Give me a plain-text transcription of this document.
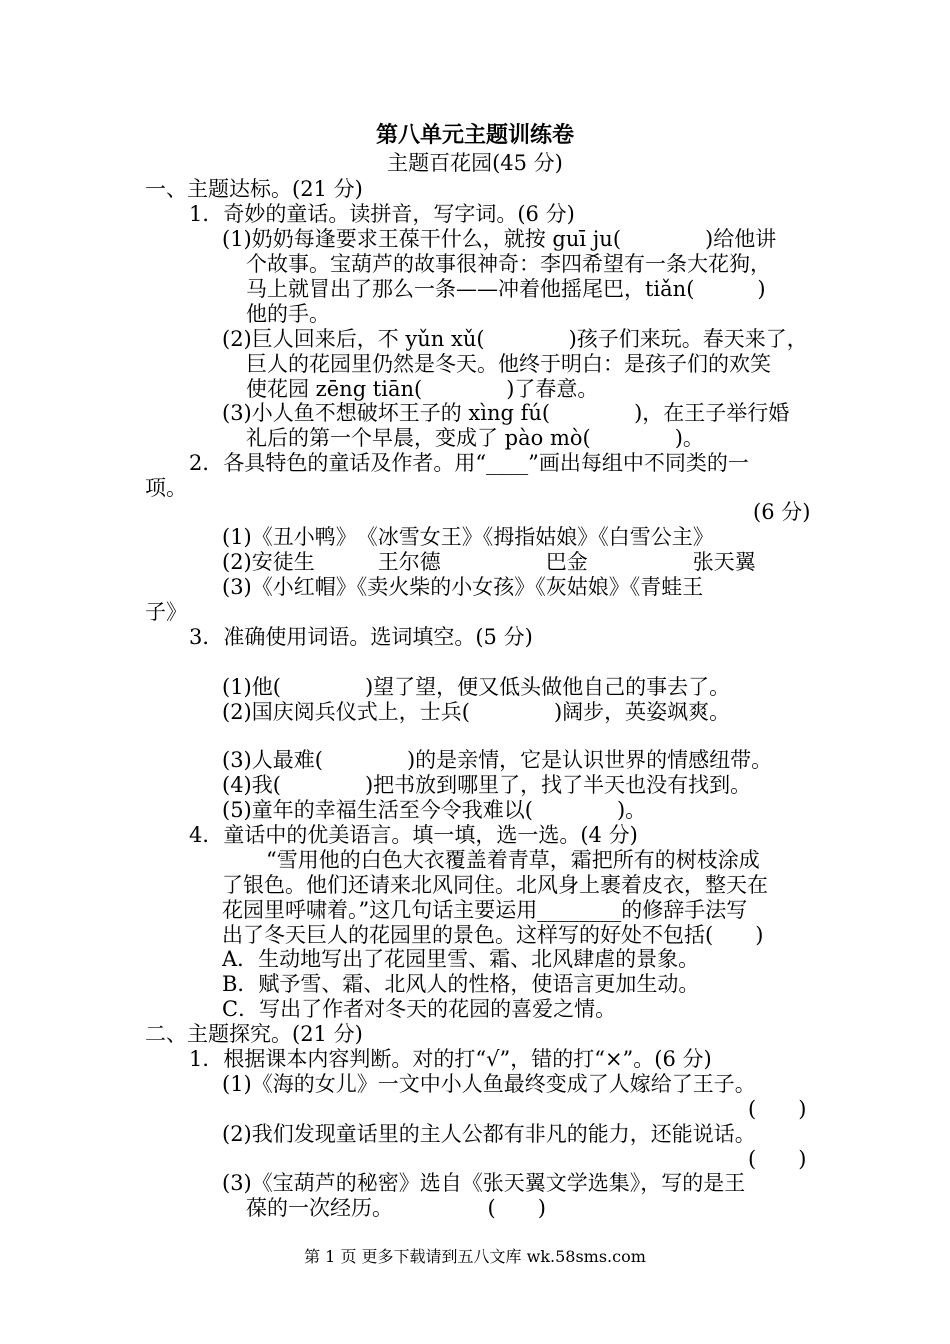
第八单元主题训练卷
主题百花园(45 分)
一、主题达标。(21 分)
1．奇妙的童话。读拼音，写字词。(6 分)
(1)奶奶每逢要求王葆干什么，就按 guī ju(　　　　)给他讲
个故事。宝葫芦的故事很神奇：李四希望有一条大花狗，
马上就冒出了那么一条——冲着他摇尾巴，tiǎn(　　　)
他的手。
(2)巨人回来后，不 yǔn xǔ(　　　　)孩子们来玩。春天来了，
巨人的花园里仍然是冬天。他终于明白：是孩子们的欢笑
使花园 zēng tiān(　　　　)了春意。
(3)小人鱼不想破坏王子的 xìng fú(　　　　)，在王子举行婚
礼后的第一个早晨，变成了 pào mò(　　　　)。
2．各具特色的童话及作者。用“____”画出每组中不同类的一
项。
(6 分)
(1)《丑小鸭》　《冰雪女王》《拇指姑娘》《白雪公主》
(2)安徒生　　　王尔德　　　　　巴金　　　　　张天翼
(3)《小红帽》《卖火柴的小女孩》《灰姑娘》《青蛙王
子》
3．准确使用词语。选词填空。(5 分)
(1)他(　　　　)望了望，便又低头做他自己的事去了。
(2)国庆阅兵仪式上，士兵(　　　　)阔步，英姿飒爽。
(3)人最难(　　　　)的是亲情，它是认识世界的情感纽带。
(4)我(　　　　)把书放到哪里了，找了半天也没有找到。
(5)童年的幸福生活至今令我难以(　　　　)。
4．童话中的优美语言。填一填，选一选。(4 分)
“雪用他的白色大衣覆盖着青草，霜把所有的树枝涂成
了银色。他们还请来北风同住。北风身上裹着皮衣，整天在
花园里呼啸着。”这几句话主要运用________的修辞手法写
出了冬天巨人的花园里的景色。这样写的好处不包括(　　)
A．生动地写出了花园里雪、霜、北风肆虐的景象。
B．赋予雪、霜、北风人的性格，使语言更加生动。
C．写出了作者对冬天的花园的喜爱之情。
二、主题探究。(21 分)
1．根据课本内容判断。对的打“√”，错的打“×”。(6 分)
(1)《海的女儿》一文中小人鱼最终变成了人嫁给了王子。
(　　)
(2)我们发现童话里的主人公都有非凡的能力，还能说话。
(　　)
(3)《宝葫芦的秘密》选自《张天翼文学选集》，写的是王
葆的一次经历。　　　　　(　　)
第 1 页 更多下载请到五八文库 wk.58sms.com
